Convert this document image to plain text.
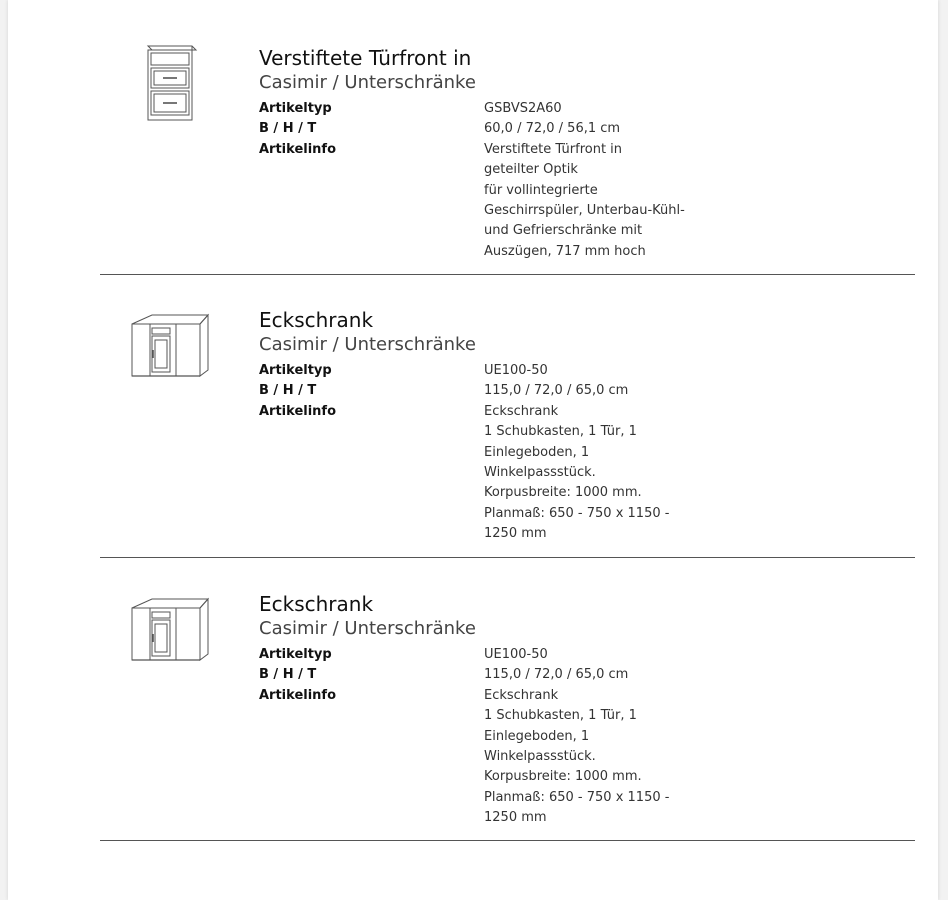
Verstiftete Türfront in
Casimir / Unterschränke
Artikeltyp
B / H / T
Artikelinfo
GSBVS2A60
60,0 / 72,0 / 56,1 cm
Verstiftete Türfront in
geteilter Optik
für vollintegrierte
Geschirrspüler, Unterbau-Kühl-
und Gefrierschränke mit
Auszügen, 717 mm hoch
Eckschrank
Casimir / Unterschränke
Artikeltyp
B / H / T
Artikelinfo
UE100-50
115,0 / 72,0 / 65,0 cm
Eckschrank
1 Schubkasten, 1 Tür, 1
Einlegeboden, 1
Winkelpassstück.
Korpusbreite: 1000 mm.
Planmaß: 650 - 750 x 1150 -
1250 mm
Eckschrank
Casimir / Unterschränke
Artikeltyp
B / H / T
Artikelinfo
UE100-50
115,0 / 72,0 / 65,0 cm
Eckschrank
1 Schubkasten, 1 Tür, 1
Einlegeboden, 1
Winkelpassstück.
Korpusbreite: 1000 mm.
Planmaß: 650 - 750 x 1150 -
1250 mm
